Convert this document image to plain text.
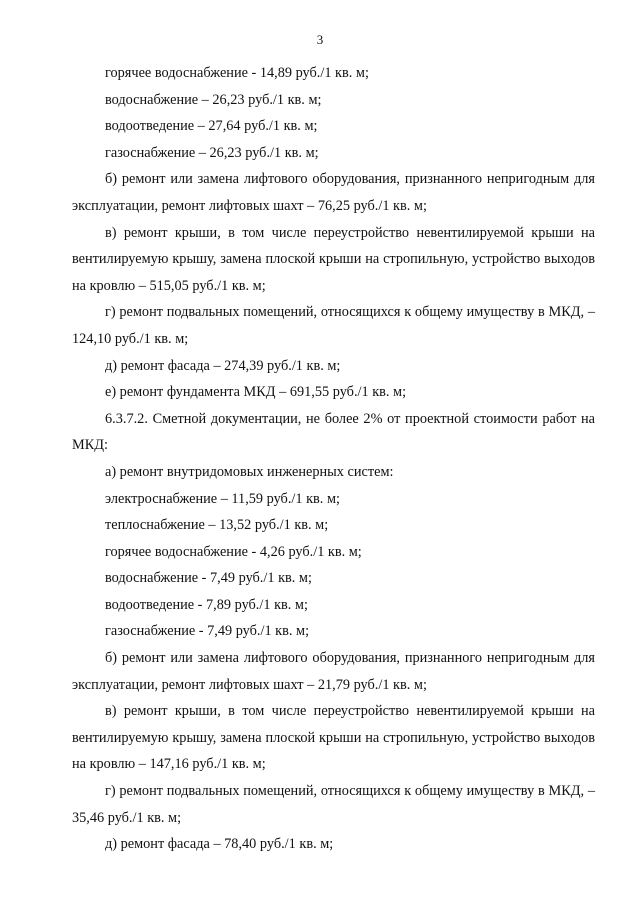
3

горячее водоснабжение - 14,89 руб./1 кв. м;

водоснабжение – 26,23 руб./1 кв. м;

водоотведение – 27,64 руб./1 кв. м;

газоснабжение – 26,23 руб./1 кв. м;

б) ремонт или замена лифтового оборудования, признанного непригодным для эксплуатации, ремонт лифтовых шахт – 76,25 руб./1 кв. м;

в) ремонт крыши, в том числе переустройство невентилируемой крыши на вентилируемую крышу, замена плоской крыши на стропильную, устройство выходов на кровлю – 515,05 руб./1 кв. м;

г) ремонт подвальных помещений, относящихся к общему имуществу в МКД, – 124,10 руб./1 кв. м;

д) ремонт фасада – 274,39 руб./1 кв. м;

е) ремонт фундамента МКД – 691,55 руб./1 кв. м;

6.3.7.2. Сметной документации, не более 2% от проектной стоимости работ на МКД:

а) ремонт внутридомовых инженерных систем:

электроснабжение – 11,59 руб./1 кв. м;

теплоснабжение – 13,52 руб./1 кв. м;

горячее водоснабжение - 4,26 руб./1 кв. м;

водоснабжение - 7,49 руб./1 кв. м;

водоотведение - 7,89 руб./1 кв. м;

газоснабжение - 7,49 руб./1 кв. м;

б) ремонт или замена лифтового оборудования, признанного непригодным для эксплуатации, ремонт лифтовых шахт – 21,79 руб./1 кв. м;

в) ремонт крыши, в том числе переустройство невентилируемой крыши на вентилируемую крышу, замена плоской крыши на стропильную, устройство выходов на кровлю – 147,16 руб./1 кв. м;

г) ремонт подвальных помещений, относящихся к общему имуществу в МКД, – 35,46 руб./1 кв. м;

д) ремонт фасада – 78,40 руб./1 кв. м;
